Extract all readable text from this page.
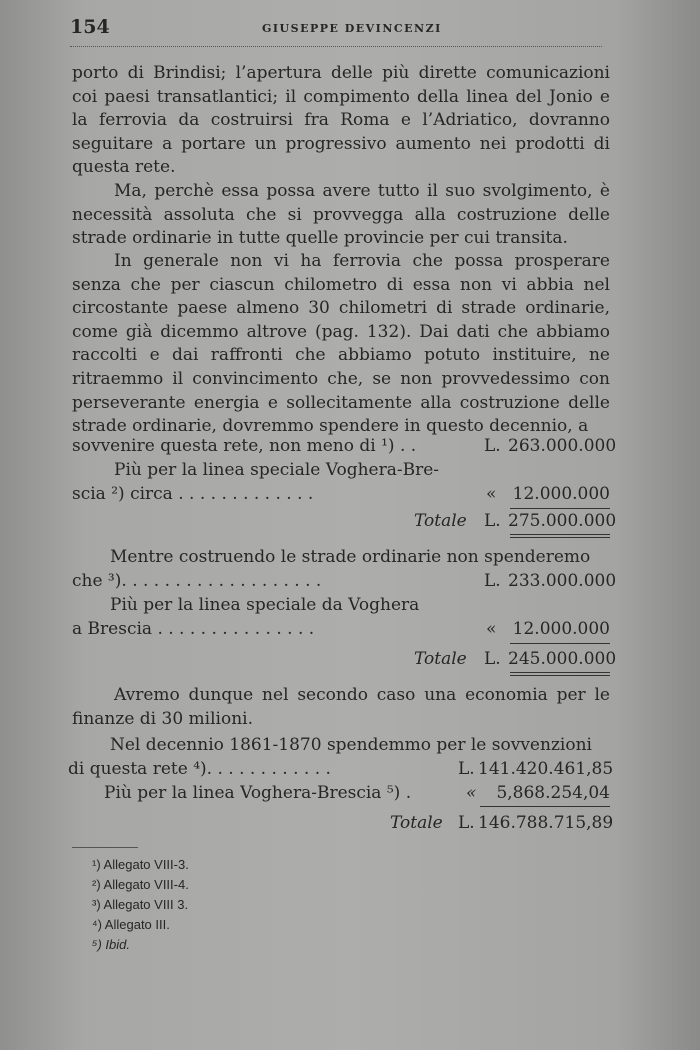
154	GIUSEPPE DEVINCENZI

porto di Brindisi; l’apertura delle più dirette comunicazioni coi paesi transatlantici; il compimento della linea del Jonio e la ferrovia da costruirsi fra Roma e l’Adriatico, dovranno seguitare a portare un progressivo aumento nei prodotti di questa rete.

Ma, perchè essa possa avere tutto il suo svolgimento, è necessità assoluta che si provvegga alla costruzione delle strade ordinarie in tutte quelle provincie per cui transita.

In generale non vi ha ferrovia che possa prosperare senza che per ciascun chilometro di essa non vi abbia nel circostante paese almeno 30 chilometri di strade ordinarie, come già dicemmo altrove (pag. 132). Dai dati che abbiamo raccolti e dai raffronti che abbiamo potuto instituire, ne ritraemmo il convincimento che, se non provvedessimo con perseverante energia e sollecitamente alla costruzione delle strade ordinarie, dovremmo spendere in questo decennio, a

sovvenire questa rete, non meno di ¹) . .	L. 263.000.000
Più per la linea speciale Voghera-Bre-
scia ²) circa . . . . . . . . . . . . .	« 12.000.000
Totale L. 275.000.000
Mentre costruendo le strade ordinarie non spenderemo
che ³). . . . . . . . . . . . . . . . . . .	L. 233.000.000
Più per la linea speciale da Voghera
a Brescia . . . . . . . . . . . . . . .	« 12.000.000
Totale L. 245.000.000

Avremo dunque nel secondo caso una economia per le finanze di 30 milioni.

Nel decennio 1861-1870 spendemmo per le sovvenzioni
di questa rete ⁴). . . . . . . . . . . .	L. 141.420.461,85
Più per la linea Voghera-Brescia ⁵) .	«	5,868.254,04
Totale L. 146.788.715,89
¹) Allegato VIII-3.
²) Allegato VIII-4.
³) Allegato VIII 3.
⁴) Allegato III.
⁵) Ibid.
